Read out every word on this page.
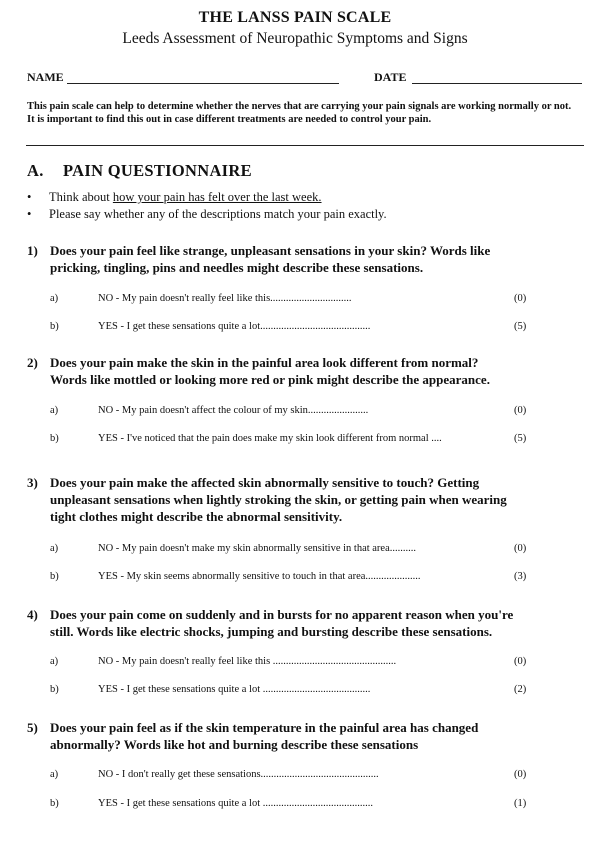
THE LANSS PAIN SCALE
Leeds Assessment of Neuropathic Symptoms and Signs
NAME	DATE
This pain scale can help to determine whether the nerves that are carrying your pain signals are working normally or not. It is important to find this out in case different treatments are needed to control your pain.
A. PAIN QUESTIONNAIRE
• Think about how your pain has felt over the last week.
• Please say whether any of the descriptions match your pain exactly.
1) Does your pain feel like strange, unpleasant sensations in your skin? Words like
pricking, tingling, pins and needles might describe these sensations.
a)	NO - My pain doesn't really feel like this...............................	(0)
b)	YES - I get these sensations quite a lot..........................................	(5)
2) Does your pain make the skin in the painful area look different from normal?
Words like mottled or looking more red or pink might describe the appearance.
a)	NO - My pain doesn't affect the colour of my skin.......................	(0)
b)	YES - I've noticed that the pain does make my skin look different from normal ....	(5)
3) Does your pain make the affected skin abnormally sensitive to touch? Getting
unpleasant sensations when lightly stroking the skin, or getting pain when wearing
tight clothes might describe the abnormal sensitivity.
a)	NO - My pain doesn't make my skin abnormally sensitive in that area..........	(0)
b)	YES - My skin seems abnormally sensitive to touch in that area.....................	(3)
4) Does your pain come on suddenly and in bursts for no apparent reason when you're
still. Words like electric shocks, jumping and bursting describe these sensations.
a)	NO - My pain doesn't really feel like this ...............................................	(0)
b)	YES - I get these sensations quite a lot .........................................	(2)
5) Does your pain feel as if the skin temperature in the painful area has changed
abnormally? Words like hot and burning describe these sensations
a)	NO - I don't really get these sensations.............................................	(0)
b)	YES - I get these sensations quite a lot ..........................................	(1)
